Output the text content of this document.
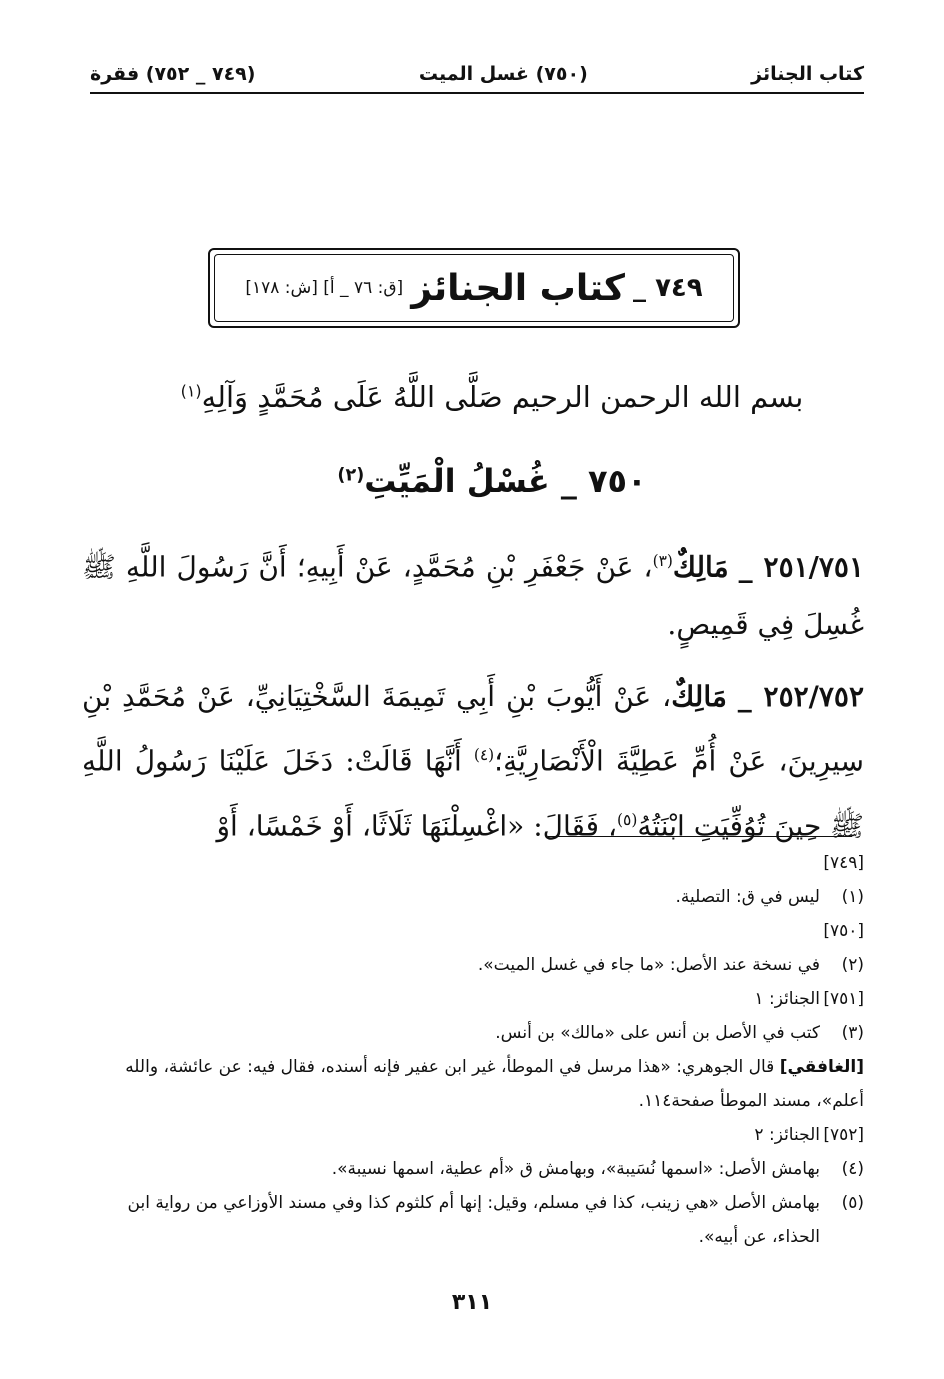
كتاب الجنائز
(٧٥٠) غسل الميت
(٧٤٩ _ ٧٥٢) فقرة
٧٤٩ _
كتاب الجنائز
[ق: ٧٦ _ أ] [ش: ١٧٨]
بسم الله الرحمن الرحيم صَلَّى اللَّهُ عَلَى مُحَمَّدٍ وَآلِهِ$^{(١)}$
٧٥٠ _ غُسْلُ الْمَيِّتِ$^{(٢)}$

٢٥١/٧٥١ _ مَالِكٌ$^{(٣)}$، عَنْ جَعْفَرِ بْنِ مُحَمَّدٍ، عَنْ أَبِيهِ؛ أَنَّ رَسُولَ اللَّهِ ﷺ غُسِلَ فِي قَمِيصٍ.

٢٥٢/٧٥٢ _ مَالِكٌ، عَنْ أَيُّوبَ بْنِ أَبِي تَمِيمَةَ السَّخْتِيَانِيِّ، عَنْ مُحَمَّدِ بْنِ سِيرِينَ، عَنْ أُمِّ عَطِيَّةَ الْأَنْصَارِيَّةِ؛$^{(٤)}$ أَنَّهَا قَالَتْ: دَخَلَ عَلَيْنَا رَسُولُ اللَّهِ ﷺ حِينَ تُوُفِّيَتِ ابْنَتُهُ$^{(٥)}$، فَقَالَ: «اغْسِلْنَهَا ثَلَاثًا، أَوْ خَمْسًا، أَوْ

[٧٤٩]
(١)
ليس في ق: التصلية.
[٧٥٠]
(٢)
في نسخة عند الأصل: «ما جاء في غسل الميت».
[٧٥١]
الجنائز: ١
(٣)
كتب في الأصل بن أنس على «مالك» بن أنس.
[الغافقي] قال الجوهري: «هذا مرسل في الموطأ، غير ابن عفير فإنه أسنده، فقال فيه: عن عائشة، والله أعلم»، مسند الموطأ صفحة١١٤.
[٧٥٢]
الجنائز: ٢
(٤)
بهامش الأصل: «اسمها نُسَيبة»، وبهامش ق «أم عطية، اسمها نسيبة».
(٥)
بهامش الأصل «هي زينب، كذا في مسلم، وقيل: إنها أم كلثوم كذا وفي مسند الأوزاعي من رواية ابن الحذاء، عن أبيه».
٣١١
